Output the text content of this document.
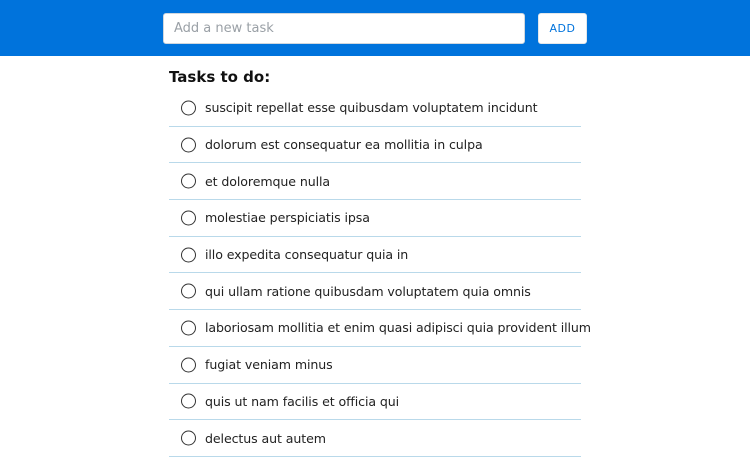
Add a new task
ADD
Tasks to do:
suscipit repellat esse quibusdam voluptatem incidunt
dolorum est consequatur ea mollitia in culpa
et doloremque nulla
molestiae perspiciatis ipsa
illo expedita consequatur quia in
qui ullam ratione quibusdam voluptatem quia omnis
laboriosam mollitia et enim quasi adipisci quia provident illum
fugiat veniam minus
quis ut nam facilis et officia qui
delectus aut autem
